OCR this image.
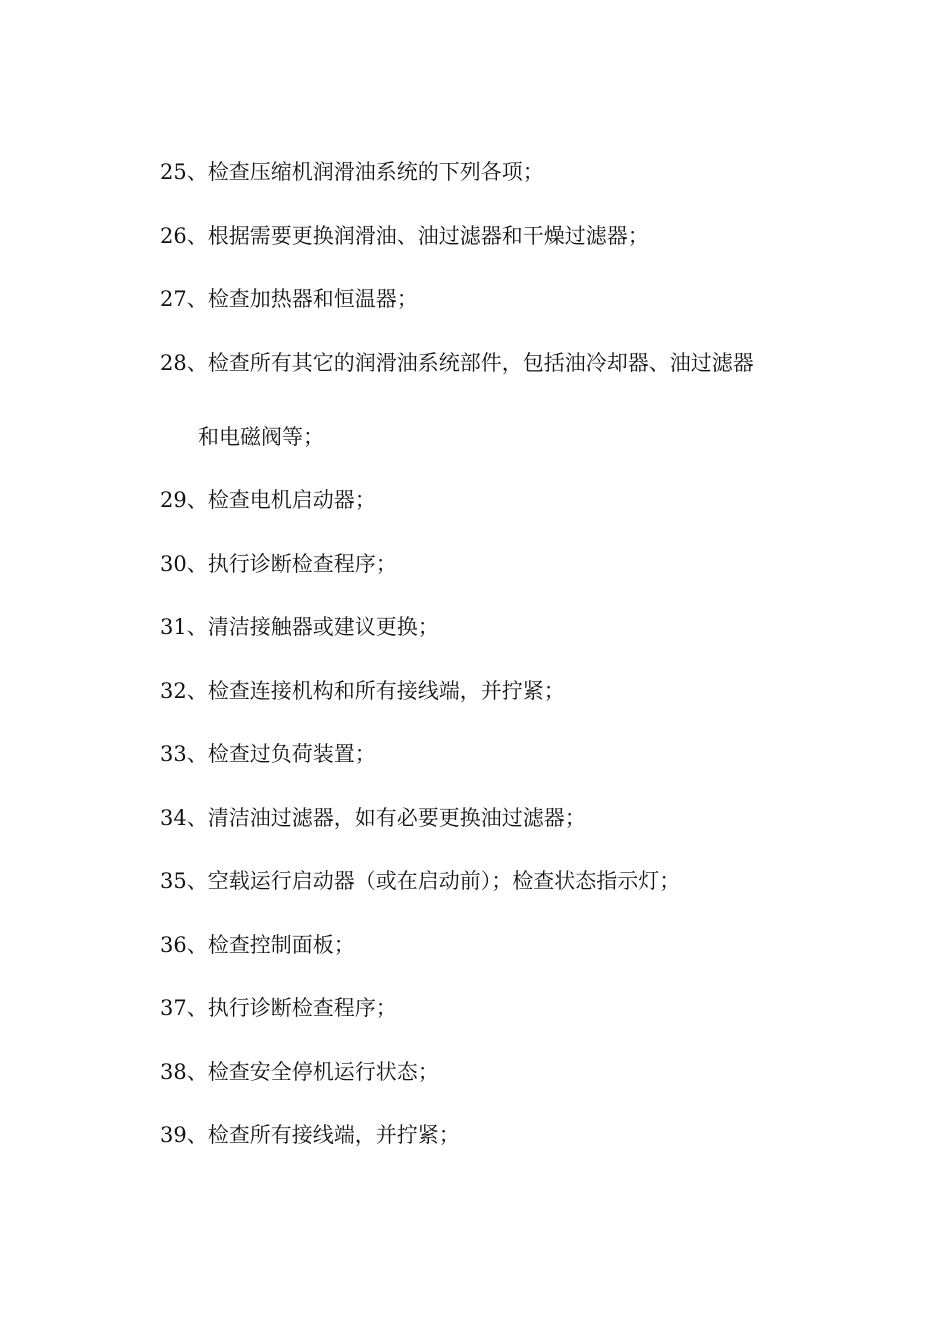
25、检查压缩机润滑油系统的下列各项；
26、根据需要更换润滑油、油过滤器和干燥过滤器；
27、检查加热器和恒温器；
28、检查所有其它的润滑油系统部件，包括油冷却器、油过滤器
和电磁阀等；
29、检查电机启动器；
30、执行诊断检查程序；
31、清洁接触器或建议更换；
32、检查连接机构和所有接线端，并拧紧；
33、检查过负荷装置；
34、清洁油过滤器，如有必要更换油过滤器；
35、空载运行启动器（或在启动前）；检查状态指示灯；
36、检查控制面板；
37、执行诊断检查程序；
38、检查安全停机运行状态；
39、检查所有接线端，并拧紧；
